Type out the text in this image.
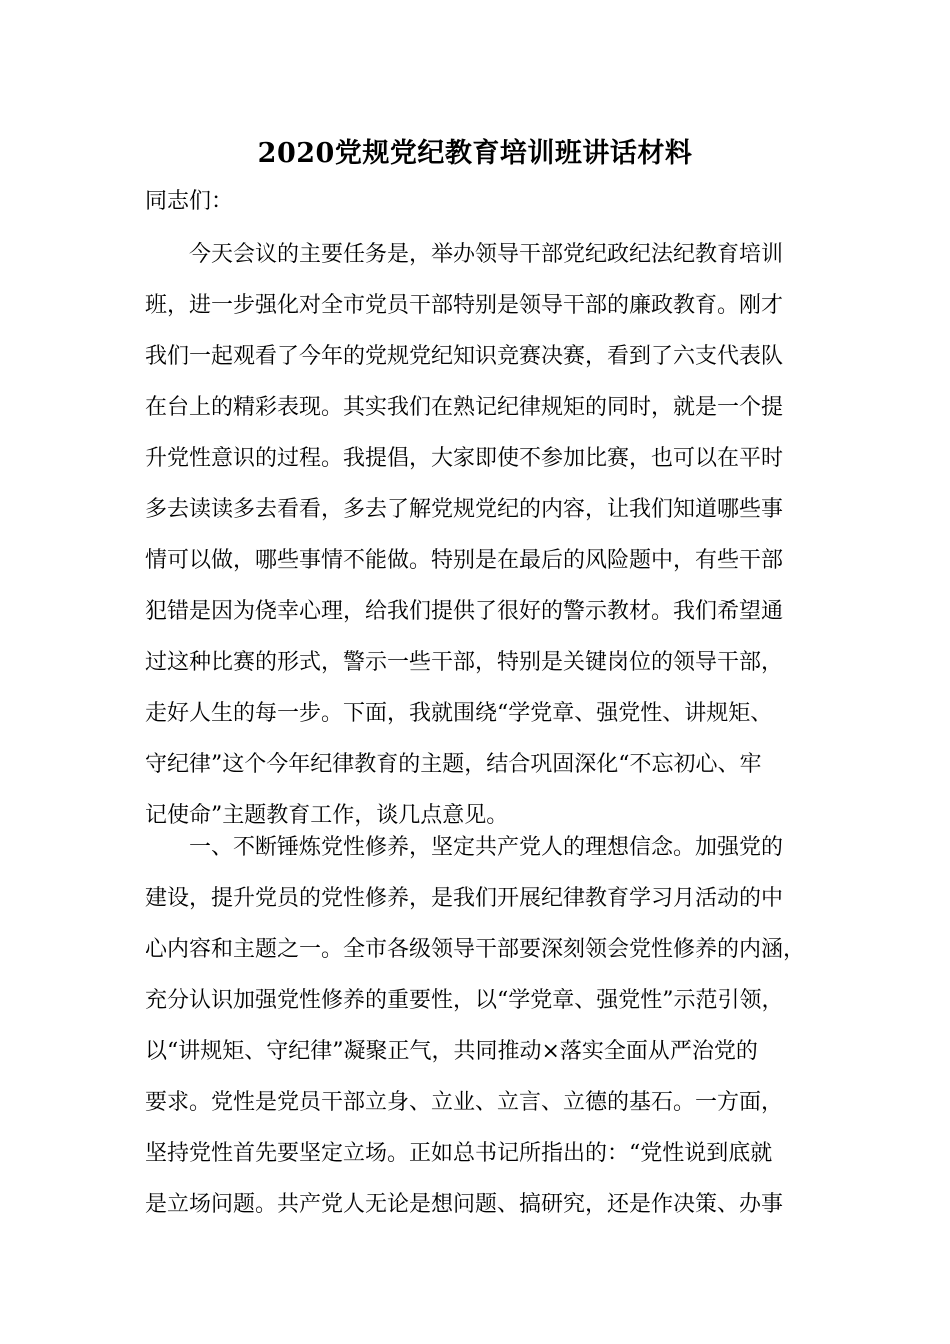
2020党规党纪教育培训班讲话材料

同志们：

今天会议的主要任务是，举办领导干部党纪政纪法纪教育培训
班，进一步强化对全市党员干部特别是领导干部的廉政教育。刚才
我们一起观看了今年的党规党纪知识竞赛决赛，看到了六支代表队
在台上的精彩表现。其实我们在熟记纪律规矩的同时，就是一个提
升党性意识的过程。我提倡，大家即使不参加比赛，也可以在平时
多去读读多去看看，多去了解党规党纪的内容，让我们知道哪些事
情可以做，哪些事情不能做。特别是在最后的风险题中，有些干部
犯错是因为侥幸心理，给我们提供了很好的警示教材。我们希望通
过这种比赛的形式，警示一些干部，特别是关键岗位的领导干部，
走好人生的每一步。下面，我就围绕“学党章、强党性、讲规矩、
守纪律”这个今年纪律教育的主题，结合巩固深化“不忘初心、牢
记使命”主题教育工作，谈几点意见。
一、不断锤炼党性修养，坚定共产党人的理想信念。加强党的
建设，提升党员的党性修养，是我们开展纪律教育学习月活动的中
心内容和主题之一。全市各级领导干部要深刻领会党性修养的内涵，
充分认识加强党性修养的重要性，以“学党章、强党性”示范引领，
以“讲规矩、守纪律”凝聚正气，共同推动×落实全面从严治党的
要求。党性是党员干部立身、立业、立言、立德的基石。一方面，
坚持党性首先要坚定立场。正如总书记所指出的：“党性说到底就
是立场问题。共产党人无论是想问题、搞研究，还是作决策、办事
